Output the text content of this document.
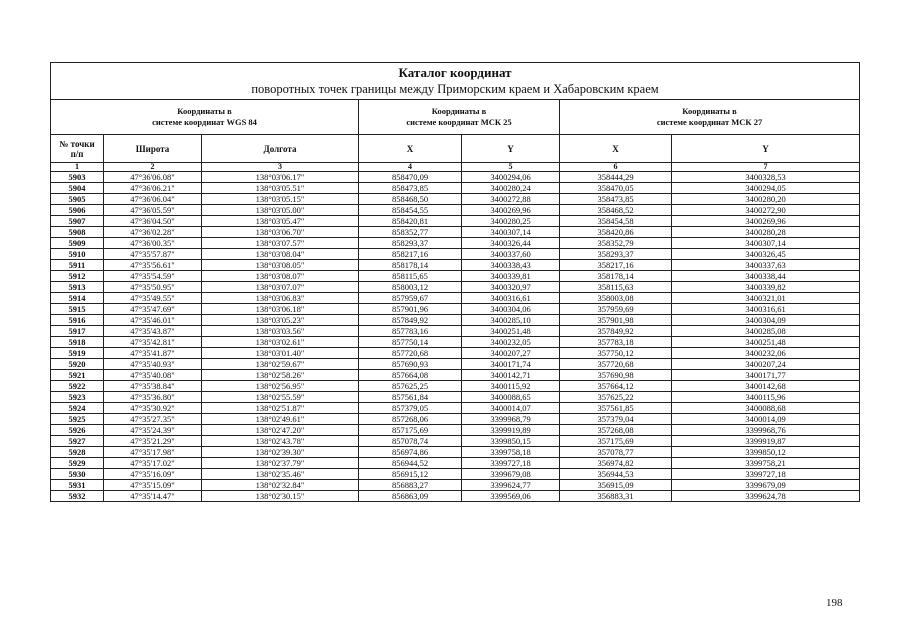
Каталог координат
поворотных точек границы между Приморским краем и Хабаровским краем						

Координаты в
системе координат WGS 84			Координаты в
системе координат МСК 25		Координаты в
системе координат МСК 27	
№ точки
п/п	Широта	Долгота	X	Y	X	Y
1	2	3	4	5	6	7
5903	47°36'06.08"	138°03'06.17"	858470,09	3400294,06	358444,29	3400328,53
5904	47°36'06.21"	138°03'05.51"	858473,85	3400280,24	358470,05	3400294,05
5905	47°36'06.04"	138°03'05.15"	858468,50	3400272,88	358473,85	3400280,20
5906	47°36'05.59"	138°03'05.00"	858454,55	3400269,96	358468,52	3400272,90
5907	47°36'04.50"	138°03'05.47"	858420,81	3400280,25	358454,58	3400269,96
5908	47°36'02.28"	138°03'06.70"	858352,77	3400307,14	358420,86	3400280,28
5909	47°36'00.35"	138°03'07.57"	858293,37	3400326,44	358352,79	3400307,14
5910	47°35'57.87"	138°03'08.04"	858217,16	3400337,60	358293,37	3400326,45
5911	47°35'56.61"	138°03'08.05"	858178,14	3400338,43	358217,16	3400337,63
5912	47°35'54.59"	138°03'08.07"	858115,65	3400339,81	358178,14	3400338,44
5913	47°35'50.95"	138°03'07.07"	858003,12	3400320,97	358115,63	3400339,82
5914	47°35'49.55"	138°03'06.83"	857959,67	3400316,61	358003,08	3400321,01
5915	47°35'47.69"	138°03'06.18"	857901,96	3400304,06	357959,69	3400316,61
5916	47°35'46.01"	138°03'05.23"	857849,92	3400285,10	357901,98	3400304,09
5917	47°35'43.87"	138°03'03.56"	857783,16	3400251,48	357849,92	3400285,08
5918	47°35'42.81"	138°03'02.61"	857750,14	3400232,05	357783,18	3400251,48
5919	47°35'41.87"	138°03'01.40"	857720,68	3400207,27	357750,12	3400232,06
5920	47°35'40.93"	138°02'59.67"	857690,93	3400171,74	357720,68	3400207,24
5921	47°35'40.08"	138°02'58.26"	857664,08	3400142,71	357690,98	3400171,77
5922	47°35'38.84"	138°02'56.95"	857625,25	3400115,92	357664,12	3400142,68
5923	47°35'36.80"	138°02'55.59"	857561,84	3400088,65	357625,22	3400115,96
5924	47°35'30.92"	138°02'51.87"	857379,05	3400014,07	357561,85	3400088,68
5925	47°35'27.35"	138°02'49.61"	857268,06	3399968,79	357379,04	3400014,09
5926	47°35'24.39"	138°02'47.20"	857175,69	3399919,89	357268,08	3399968,76
5927	47°35'21.29"	138°02'43.78"	857078,74	3399850,15	357175,69	3399919,87
5928	47°35'17.98"	138°02'39.30"	856974,86	3399758,18	357078,77	3399850,12
5929	47°35'17.02"	138°02'37.79"	856944,52	3399727,18	356974,82	3399758,21
5930	47°35'16.09"	138°02'35.46"	856915,12	3399679,08	356944,53	3399727,18
5931	47°35'15.09"	138°02'32.84"	856883,27	3399624,77	356915,09	3399679,09
5932	47°35'14.47"	138°02'30.15"	856863,09	3399569,06	356883,31	3399624,78
198
